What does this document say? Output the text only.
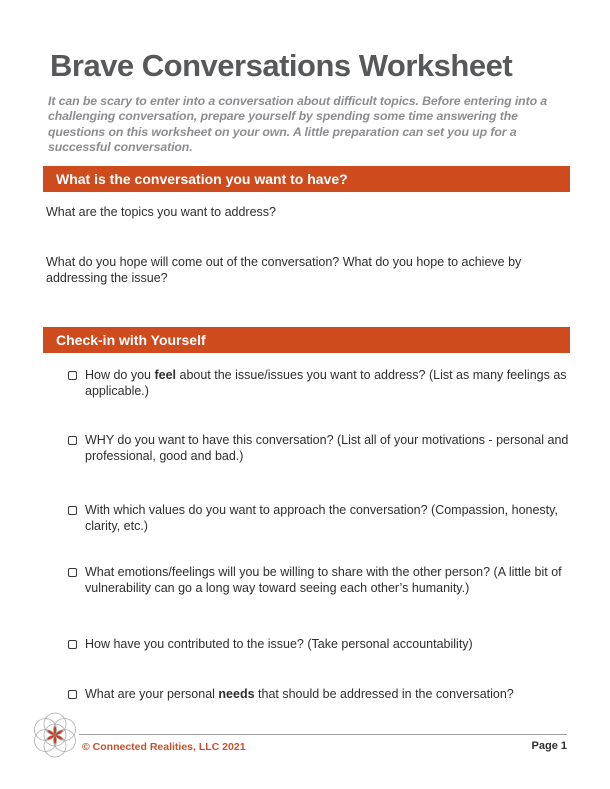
Brave Conversations Worksheet

It can be scary to enter into a conversation about difficult topics. Before entering into a challenging conversation, prepare yourself by spending some time answering the questions on this worksheet on your own. A little preparation can set you up for a successful conversation.

What is the conversation you want to have?
What are the topics you want to address?
What do you hope will come out of the conversation? What do you hope to achieve by addressing the issue?
Check-in with Yourself
How do you feel about the issue/issues you want to address? (List as many feelings as applicable.)
WHY do you want to have this conversation? (List all of your motivations - personal and professional, good and bad.)
With which values do you want to approach the conversation? (Compassion, honesty, clarity, etc.)
What emotions/feelings will you be willing to share with the other person? (A little bit of vulnerability can go a long way toward seeing each other’s humanity.)
How have you contributed to the issue? (Take personal accountability)
What are your personal needs that should be addressed in the conversation?
© Connected Realities, LLC 2021	Page 1
